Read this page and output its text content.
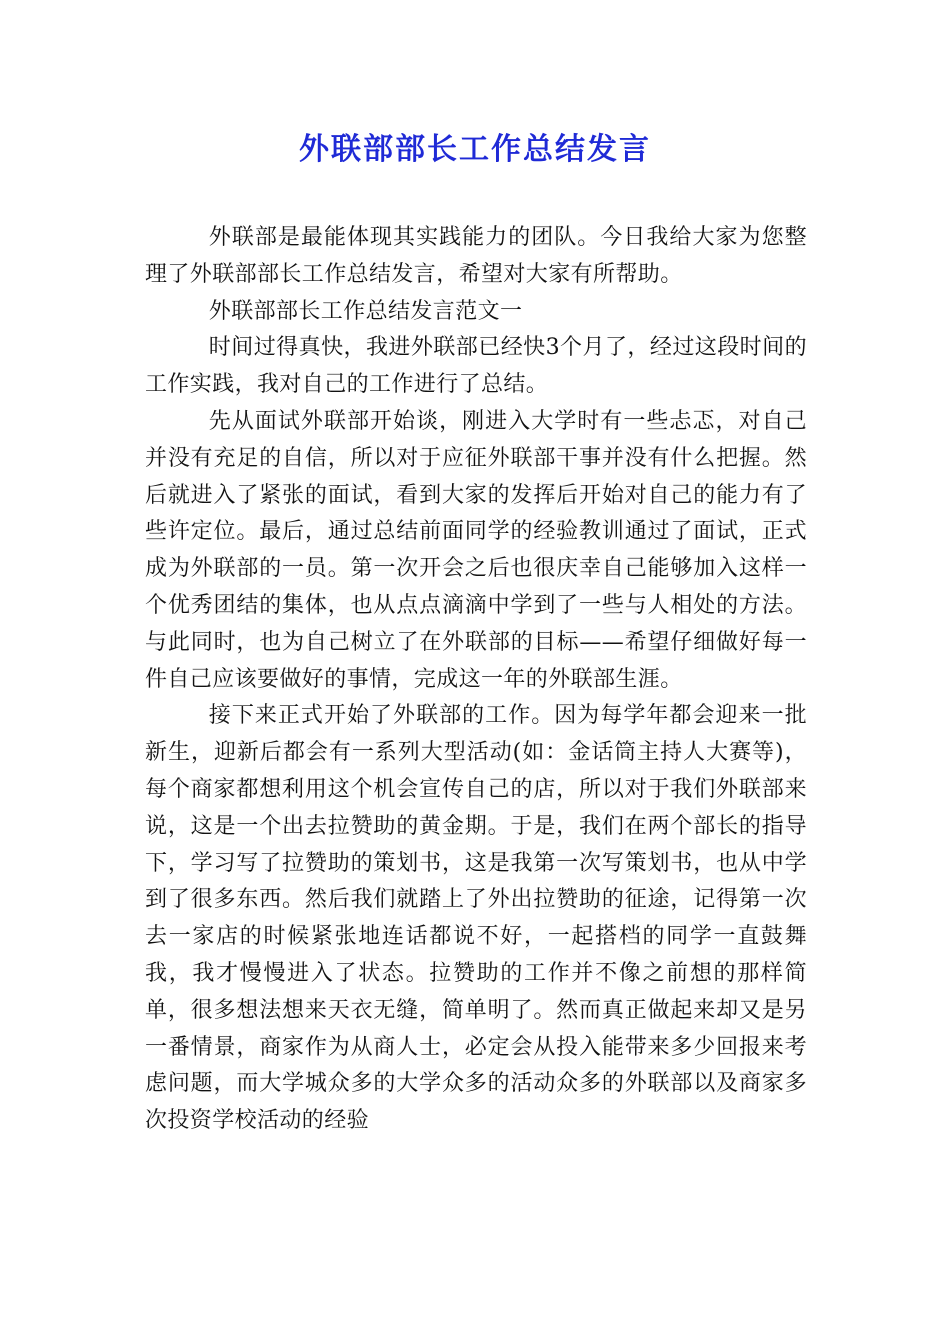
外联部部长工作总结发言

外联部是最能体现其实践能力的团队。今日我给大家为您整理了外联部部长工作总结发言，希望对大家有所帮助。

外联部部长工作总结发言范文一

时间过得真快，我进外联部已经快3个月了，经过这段时间的工作实践，我对自己的工作进行了总结。

先从面试外联部开始谈，刚进入大学时有一些忐忑，对自己并没有充足的自信，所以对于应征外联部干事并没有什么把握。然后就进入了紧张的面试，看到大家的发挥后开始对自己的能力有了些许定位。最后，通过总结前面同学的经验教训通过了面试，正式成为外联部的一员。第一次开会之后也很庆幸自己能够加入这样一个优秀团结的集体，也从点点滴滴中学到了一些与人相处的方法。与此同时，也为自己树立了在外联部的目标——希望仔细做好每一件自己应该要做好的事情，完成这一年的外联部生涯。

接下来正式开始了外联部的工作。因为每学年都会迎来一批新生，迎新后都会有一系列大型活动(如：金话筒主持人大赛等)，每个商家都想利用这个机会宣传自己的店，所以对于我们外联部来说，这是一个出去拉赞助的黄金期。于是，我们在两个部长的指导下，学习写了拉赞助的策划书，这是我第一次写策划书，也从中学到了很多东西。然后我们就踏上了外出拉赞助的征途，记得第一次去一家店的时候紧张地连话都说不好，一起搭档的同学一直鼓舞我，我才慢慢进入了状态。拉赞助的工作并不像之前想的那样简单，很多想法想来天衣无缝，简单明了。然而真正做起来却又是另一番情景，商家作为从商人士，必定会从投入能带来多少回报来考虑问题，而大学城众多的大学众多的活动众多的外联部以及商家多次投资学校活动的经验
